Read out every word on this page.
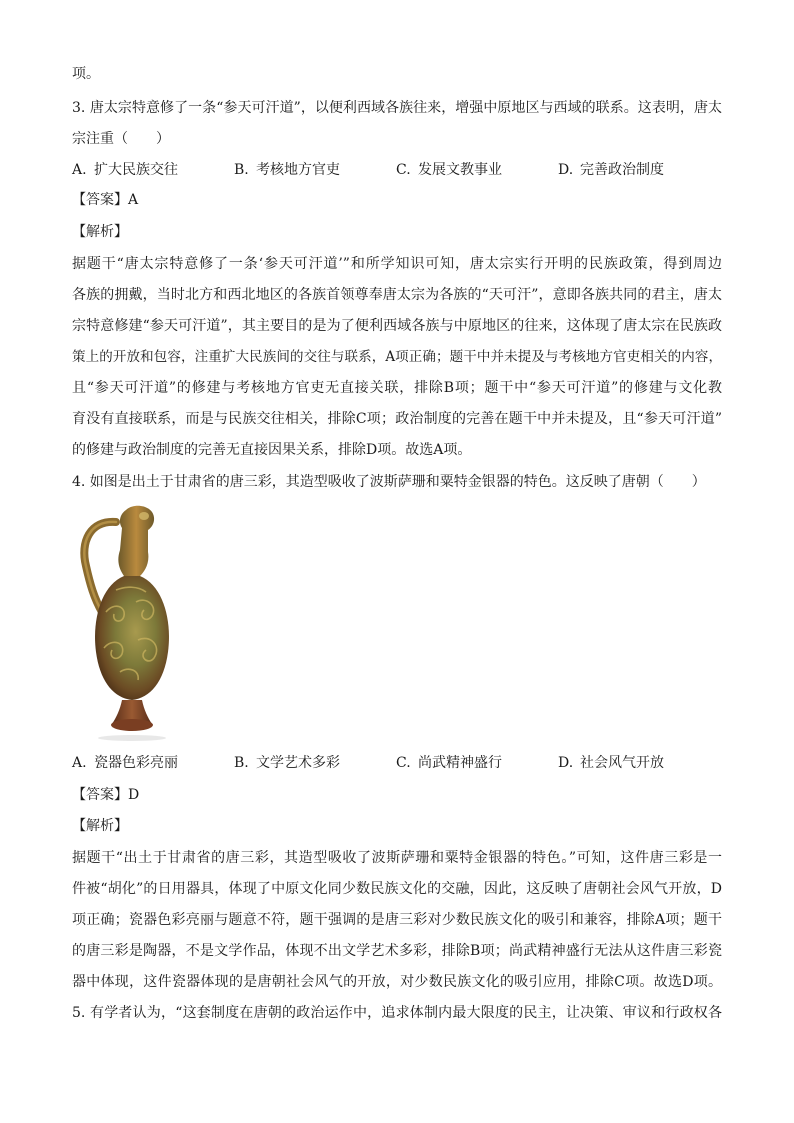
项。
3. 唐太宗特意修了一条“参天可汗道”，以便利西域各族往来，增强中原地区与西域的联系。这表明，唐太
宗注重（　　）
A. 扩大民族交往	B. 考核地方官吏	C. 发展文教事业	D. 完善政治制度
【答案】A
【解析】
据题干“唐太宗特意修了一条‘参天可汗道’”和所学知识可知，唐太宗实行开明的民族政策，得到周边
各族的拥戴，当时北方和西北地区的各族首领尊奉唐太宗为各族的“天可汗”，意即各族共同的君主，唐太
宗特意修建“参天可汗道”，其主要目的是为了便利西域各族与中原地区的往来，这体现了唐太宗在民族政
策上的开放和包容，注重扩大民族间的交往与联系，A项正确；题干中并未提及与考核地方官吏相关的内容，
且“参天可汗道”的修建与考核地方官吏无直接关联，排除B项；题干中“参天可汗道”的修建与文化教
育没有直接联系，而是与民族交往相关，排除C项；政治制度的完善在题干中并未提及，且“参天可汗道”
的修建与政治制度的完善无直接因果关系，排除D项。故选A项。
4. 如图是出土于甘肃省的唐三彩，其造型吸收了波斯萨珊和粟特金银器的特色。这反映了唐朝（　　）
A. 瓷器色彩亮丽	B. 文学艺术多彩	C. 尚武精神盛行	D. 社会风气开放
【答案】D
【解析】
据题干“出土于甘肃省的唐三彩，其造型吸收了波斯萨珊和粟特金银器的特色。”可知，这件唐三彩是一
件被“胡化”的日用器具，体现了中原文化同少数民族文化的交融，因此，这反映了唐朝社会风气开放，D
项正确；瓷器色彩亮丽与题意不符，题干强调的是唐三彩对少数民族文化的吸引和兼容，排除A项；题干
的唐三彩是陶器，不是文学作品，体现不出文学艺术多彩，排除B项；尚武精神盛行无法从这件唐三彩瓷
器中体现，这件瓷器体现的是唐朝社会风气的开放，对少数民族文化的吸引应用，排除C项。故选D项。
5. 有学者认为，“这套制度在唐朝的政治运作中，追求体制内最大限度的民主，让决策、审议和行政权各
